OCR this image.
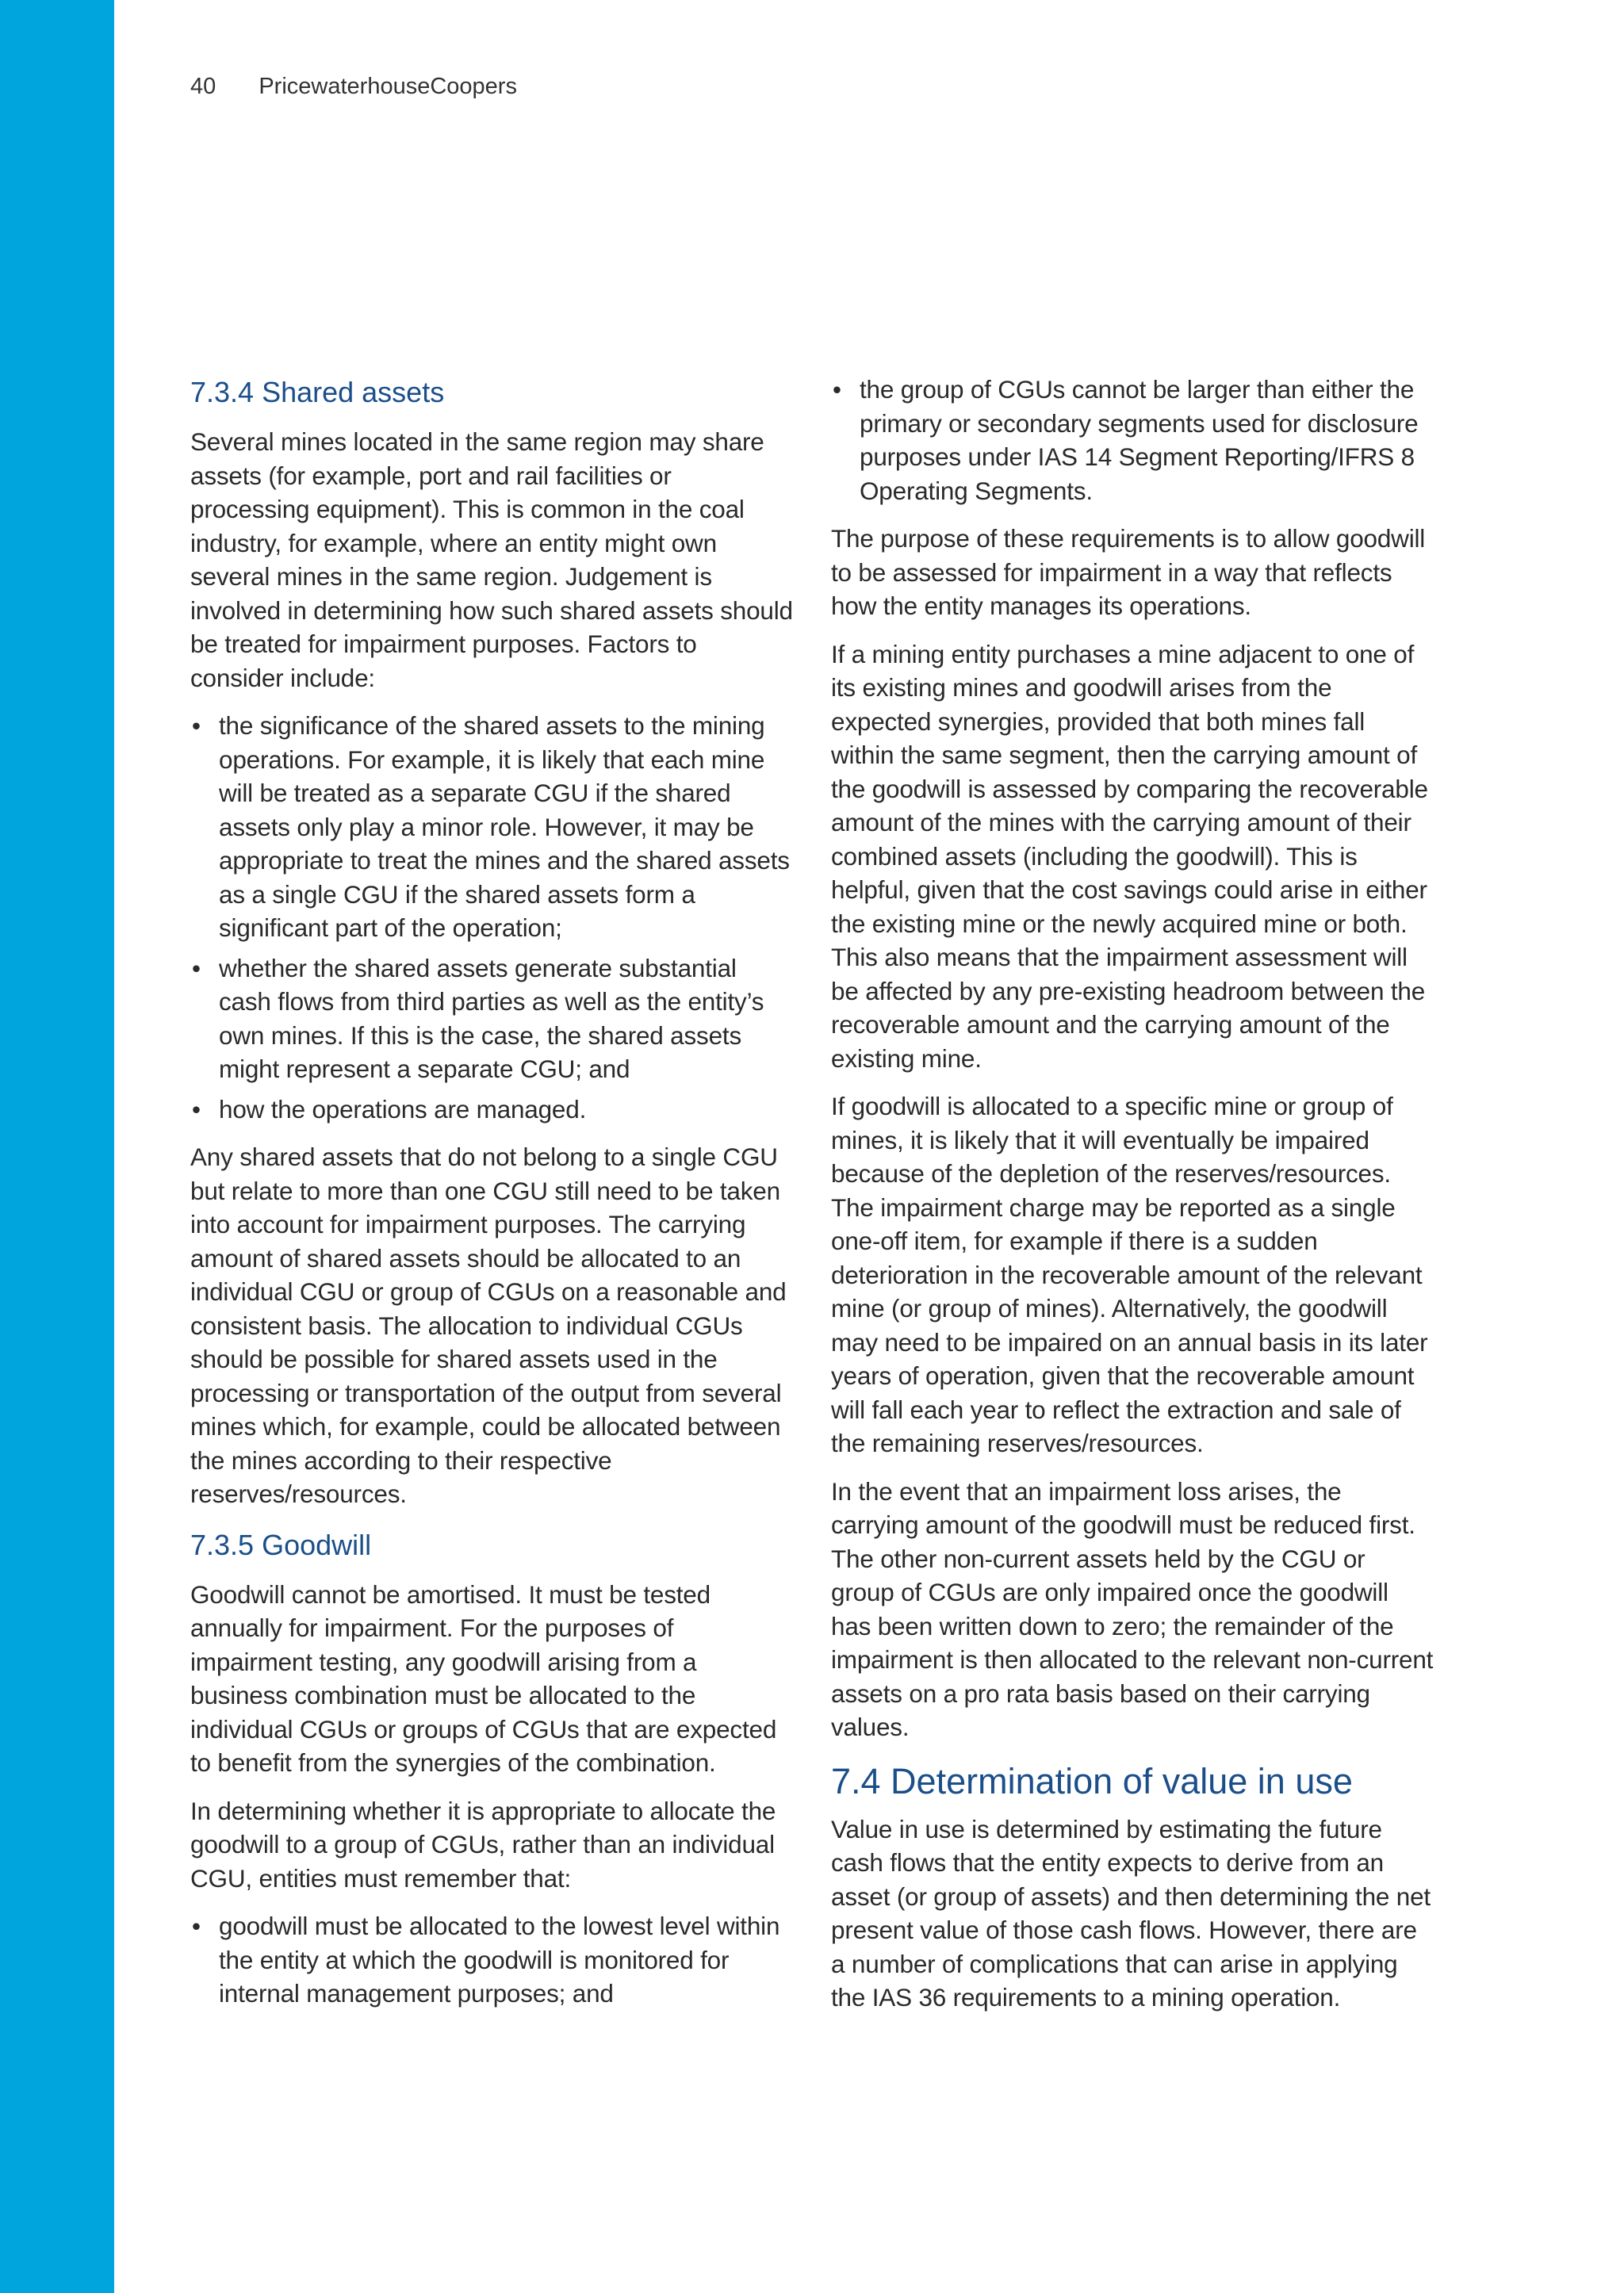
40 PricewaterhouseCoopers
7.3.4 Shared assets

Several mines located in the same region may share assets (for example, port and rail facilities or processing equipment). This is common in the coal industry, for example, where an entity might own several mines in the same region. Judgement is involved in determining how such shared assets should be treated for impairment purposes. Factors to consider include:

• the significance of the shared assets to the mining operations. For example, it is likely that each mine will be treated as a separate CGU if the shared assets only play a minor role. However, it may be appropriate to treat the mines and the shared assets as a single CGU if the shared assets form a significant part of the operation;
• whether the shared assets generate substantial cash flows from third parties as well as the entity’s own mines. If this is the case, the shared assets might represent a separate CGU; and
• how the operations are managed.

Any shared assets that do not belong to a single CGU but relate to more than one CGU still need to be taken into account for impairment purposes. The carrying amount of shared assets should be allocated to an individual CGU or group of CGUs on a reasonable and consistent basis. The allocation to individual CGUs should be possible for shared assets used in the processing or transportation of the output from several mines which, for example, could be allocated between the mines according to their respective reserves/resources.

7.3.5 Goodwill

Goodwill cannot be amortised. It must be tested annually for impairment. For the purposes of impairment testing, any goodwill arising from a business combination must be allocated to the individual CGUs or groups of CGUs that are expected to benefit from the synergies of the combination.

In determining whether it is appropriate to allocate the goodwill to a group of CGUs, rather than an individual CGU, entities must remember that:

• goodwill must be allocated to the lowest level within the entity at which the goodwill is monitored for internal management purposes; and
• the group of CGUs cannot be larger than either the primary or secondary segments used for disclosure purposes under IAS 14 Segment Reporting/IFRS 8 Operating Segments.

The purpose of these requirements is to allow goodwill to be assessed for impairment in a way that reflects how the entity manages its operations.

If a mining entity purchases a mine adjacent to one of its existing mines and goodwill arises from the expected synergies, provided that both mines fall within the same segment, then the carrying amount of the goodwill is assessed by comparing the recoverable amount of the mines with the carrying amount of their combined assets (including the goodwill). This is helpful, given that the cost savings could arise in either the existing mine or the newly acquired mine or both. This also means that the impairment assessment will be affected by any pre-existing headroom between the recoverable amount and the carrying amount of the existing mine.

If goodwill is allocated to a specific mine or group of mines, it is likely that it will eventually be impaired because of the depletion of the reserves/resources. The impairment charge may be reported as a single one-off item, for example if there is a sudden deterioration in the recoverable amount of the relevant mine (or group of mines). Alternatively, the goodwill may need to be impaired on an annual basis in its later years of operation, given that the recoverable amount will fall each year to reflect the extraction and sale of the remaining reserves/resources.

In the event that an impairment loss arises, the carrying amount of the goodwill must be reduced first. The other non-current assets held by the CGU or group of CGUs are only impaired once the goodwill has been written down to zero; the remainder of the impairment is then allocated to the relevant non-current assets on a pro rata basis based on their carrying values.

7.4 Determination of value in use

Value in use is determined by estimating the future cash flows that the entity expects to derive from an asset (or group of assets) and then determining the net present value of those cash flows. However, there are a number of complications that can arise in applying the IAS 36 requirements to a mining operation.
